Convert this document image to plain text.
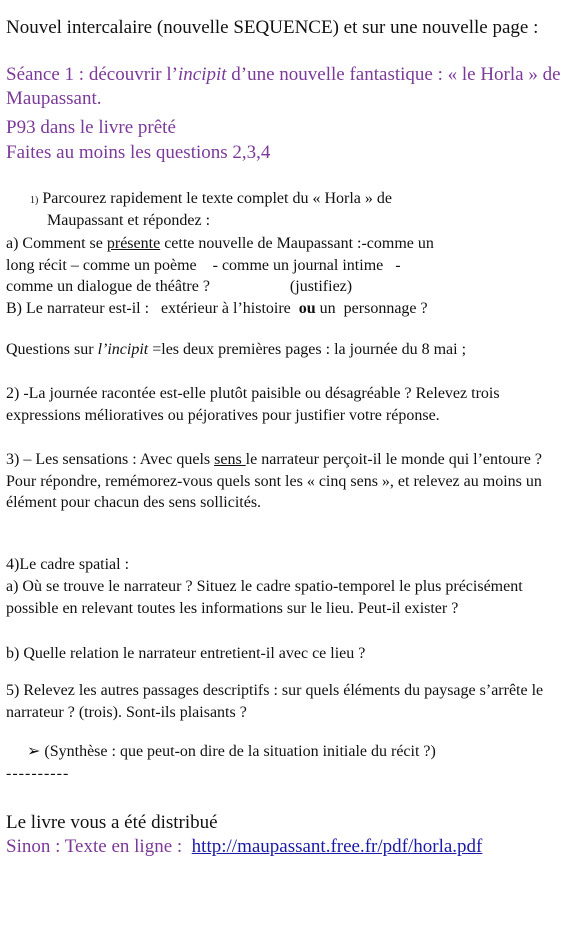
Nouvel intercalaire (nouvelle SEQUENCE) et sur une nouvelle page :

Séance 1 : découvrir l’incipit d’une nouvelle fantastique : « le Horla » de Maupassant.

P93 dans le livre prêté

Faites au moins les questions 2,3,4

1) Parcourez rapidement le texte complet du « Horla » de
Maupassant et répondez :
a) Comment se présente cette nouvelle de Maupassant :-comme un
long récit – comme un poème    - comme un journal intime   -
comme un dialogue de théâtre ?                    (justifiez)
B) Le narrateur est-il :   extérieur à l’histoire  ou un  personnage ?

Questions sur l’incipit =les deux premières pages : la journée du 8 mai ;

2) -La journée racontée est-elle plutôt paisible ou désagréable ? Relevez trois expressions mélioratives ou péjoratives pour justifier votre réponse.

3) – Les sensations : Avec quels sens le narrateur perçoit-il le monde qui l’entoure ? Pour répondre, remémorez-vous quels sont les « cinq sens », et relevez au moins un élément pour chacun des sens sollicités.

4)Le cadre spatial :

a) Où se trouve le narrateur ? Situez le cadre spatio-temporel le plus précisément possible en relevant toutes les informations sur le lieu. Peut-il exister ?

b) Quelle relation le narrateur entretient-il avec ce lieu ?

5) Relevez les autres passages descriptifs : sur quels éléments du paysage s’arrête le narrateur ? (trois). Sont-ils plaisants ?

➢ (Synthèse : que peut-on dire de la situation initiale du récit ?)

----------

Le livre vous a été distribué

Sinon : Texte en ligne :  http://maupassant.free.fr/pdf/horla.pdf
